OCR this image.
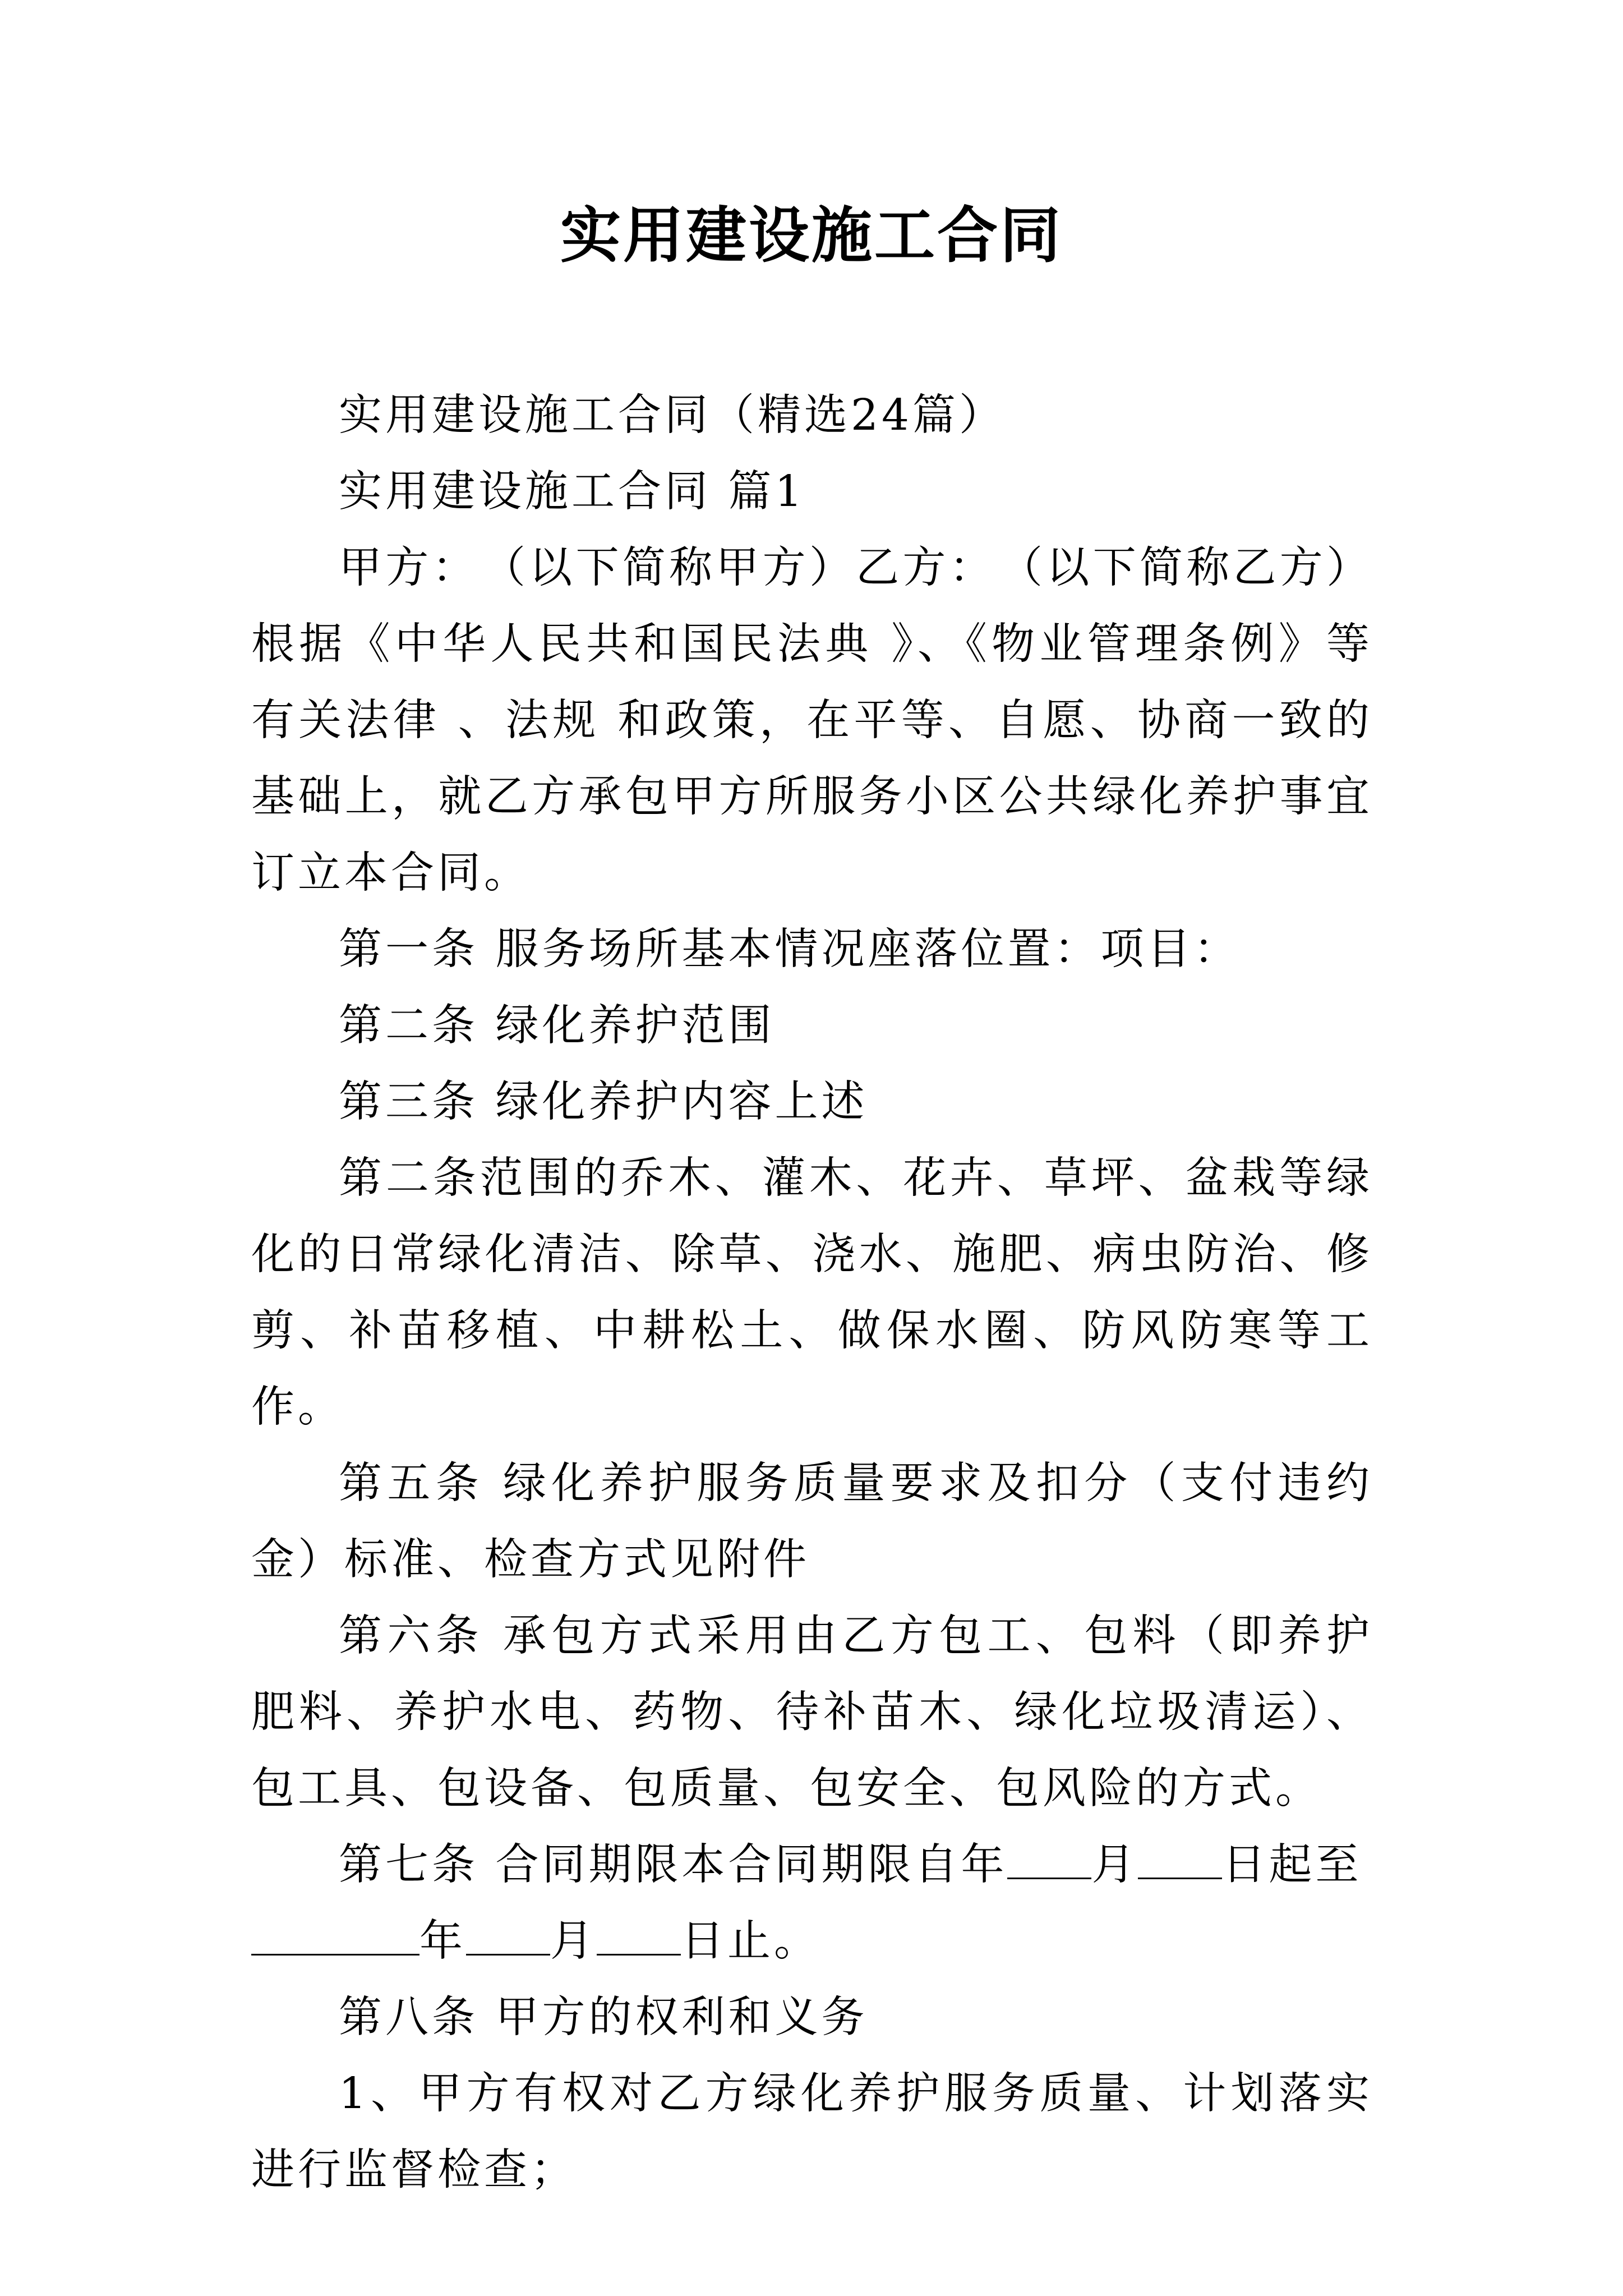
实用建设施工合同

实用建设施工合同（精选24篇）

实用建设施工合同 篇1

甲方：　（以下简称甲方）乙方：　（以下简称乙方）根据《中华人民共和国民法典 》、《物业管理条例》等有关法律 、法规 和政策，在平等、自愿、协商一致的基础上，就乙方承包甲方所服务小区公共绿化养护事宜订立本合同。

第一条 服务场所基本情况座落位置：项目：

第二条 绿化养护范围

第三条 绿化养护内容上述

第二条范围的乔木、灌木、花卉、草坪、盆栽等绿化的日常绿化清洁、除草、浇水、施肥、病虫防治、修剪、补苗移植、中耕松土、做保水圈、防风防寒等工作。

第五条 绿化养护服务质量要求及扣分（支付违约金）标准、检查方式见附件

第六条 承包方式采用由乙方包工、包料（即养护肥料、养护水电、药物、待补苗木、绿化垃圾清运）、包工具、包设备、包质量、包安全、包风险的方式。

第七条 合同期限本合同期限自年 月 日起至年 月 日止。

第八条 甲方的权利和义务

1、甲方有权对乙方绿化养护服务质量、计划落实进行监督检查；
